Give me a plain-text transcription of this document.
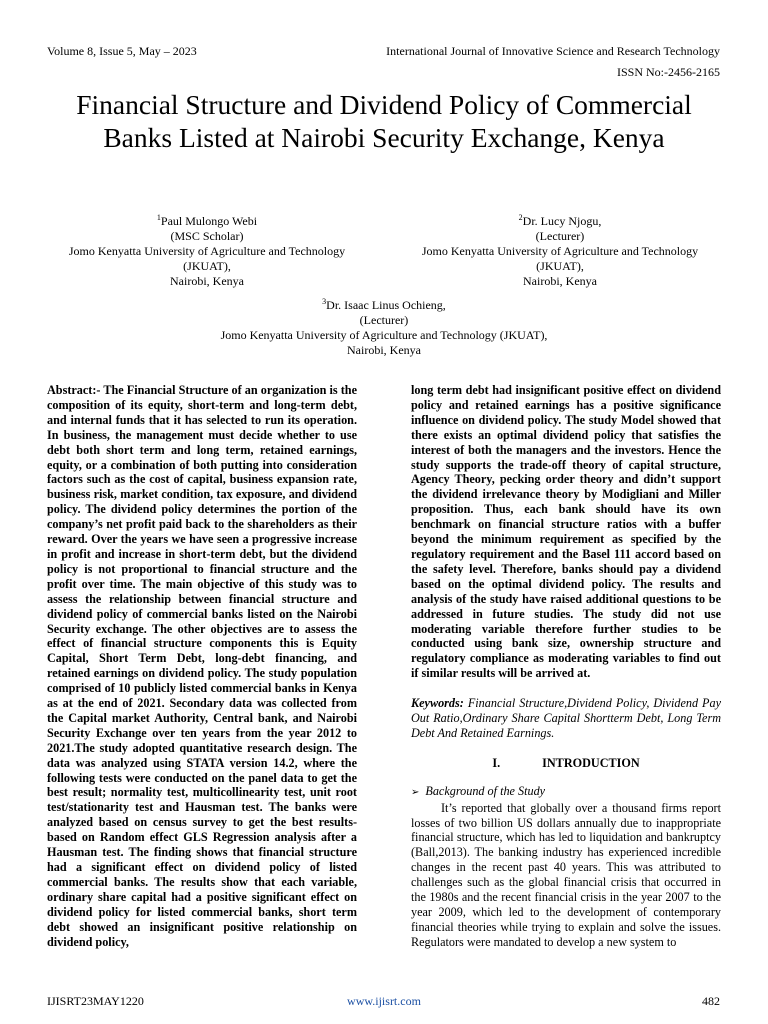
Volume 8, Issue 5, May – 2023	International Journal of Innovative Science and Research Technology
ISSN No:-2456-2165
Financial Structure and Dividend Policy of Commercial Banks Listed at Nairobi Security Exchange, Kenya
$^1$Paul Mulongo Webi
(MSC Scholar)
Jomo Kenyatta University of Agriculture and Technology
(JKUAT),
Nairobi, Kenya
$^2$Dr. Lucy Njogu,
(Lecturer)
Jomo Kenyatta University of Agriculture and Technology
(JKUAT),
Nairobi, Kenya
$^3$Dr. Isaac Linus Ochieng,
(Lecturer)
Jomo Kenyatta University of Agriculture and Technology (JKUAT),
Nairobi, Kenya

Abstract:- The Financial Structure of an organization is the composition of its equity, short-term and long-term debt, and internal funds that it has selected to run its operation. In business, the management must decide whether to use debt both short term and long term, retained earnings, equity, or a combination of both putting into consideration factors such as the cost of capital, business expansion rate, business risk, market condition, tax exposure, and dividend policy. The dividend policy determines the portion of the company’s net profit paid back to the shareholders as their reward. Over the years we have seen a progressive increase in profit and increase in short-term debt, but the dividend policy is not proportional to financial structure and the profit over time. The main objective of this study was to assess the relationship between financial structure and dividend policy of commercial banks listed on the Nairobi Security exchange. The other objectives are to assess the effect of financial structure components this is Equity Capital, Short Term Debt, long-debt financing, and retained earnings on dividend policy. The study population comprised of 10 publicly listed commercial banks in Kenya as at the end of 2021. Secondary data was collected from the Capital market Authority, Central bank, and Nairobi Security Exchange over ten years from the year 2012 to 2021.The study adopted quantitative research design. The data was analyzed using STATA version 14.2, where the following tests were conducted on the panel data to get the best result; normality test, multicollinearity test, unit root test/stationarity test and Hausman test. The banks were analyzed based on census survey to get the best results-based on Random effect GLS Regression analysis after a Hausman test. The finding shows that financial structure had a significant effect on dividend policy of listed commercial banks. The results show that each variable, ordinary share capital had a positive significant effect on dividend policy for listed commercial banks, short term debt showed an insignificant positive relationship on dividend policy,

long term debt had insignificant positive effect on dividend policy and retained earnings has a positive significance influence on dividend policy. The study Model showed that there exists an optimal dividend policy that satisfies the interest of both the managers and the investors. Hence the study supports the trade-off theory of capital structure, Agency Theory, pecking order theory and didn’t support the dividend irrelevance theory by Modigliani and Miller proposition. Thus, each bank should have its own benchmark on financial structure ratios with a buffer beyond the minimum requirement as specified by the regulatory requirement and the Basel 111 accord based on the safety level. Therefore, banks should pay a dividend based on the optimal dividend policy. The results and analysis of the study have raised additional questions to be addressed in future studies. The study did not use moderating variable therefore further studies to be conducted using bank size, ownership structure and regulatory compliance as moderating variables to find out if similar results will be arrived at.

Keywords: Financial Structure,Dividend Policy, Dividend Pay Out Ratio,Ordinary Share Capital Shortterm Debt, Long Term Debt And Retained Earnings.

I.	INTRODUCTION

➢ Background of the Study

It’s reported that globally over a thousand firms report losses of two billion US dollars annually due to inappropriate financial structure, which has led to liquidation and bankruptcy (Ball,2013). The banking industry has experienced incredible changes in the recent past 40 years. This was attributed to challenges such as the global financial crisis that occurred in the 1980s and the recent financial crisis in the year 2007 to the year 2009, which led to the development of contemporary financial theories while trying to explain and solve the issues. Regulators were mandated to develop a new system to

IJISRT23MAY1220	www.ijisrt.com	482
